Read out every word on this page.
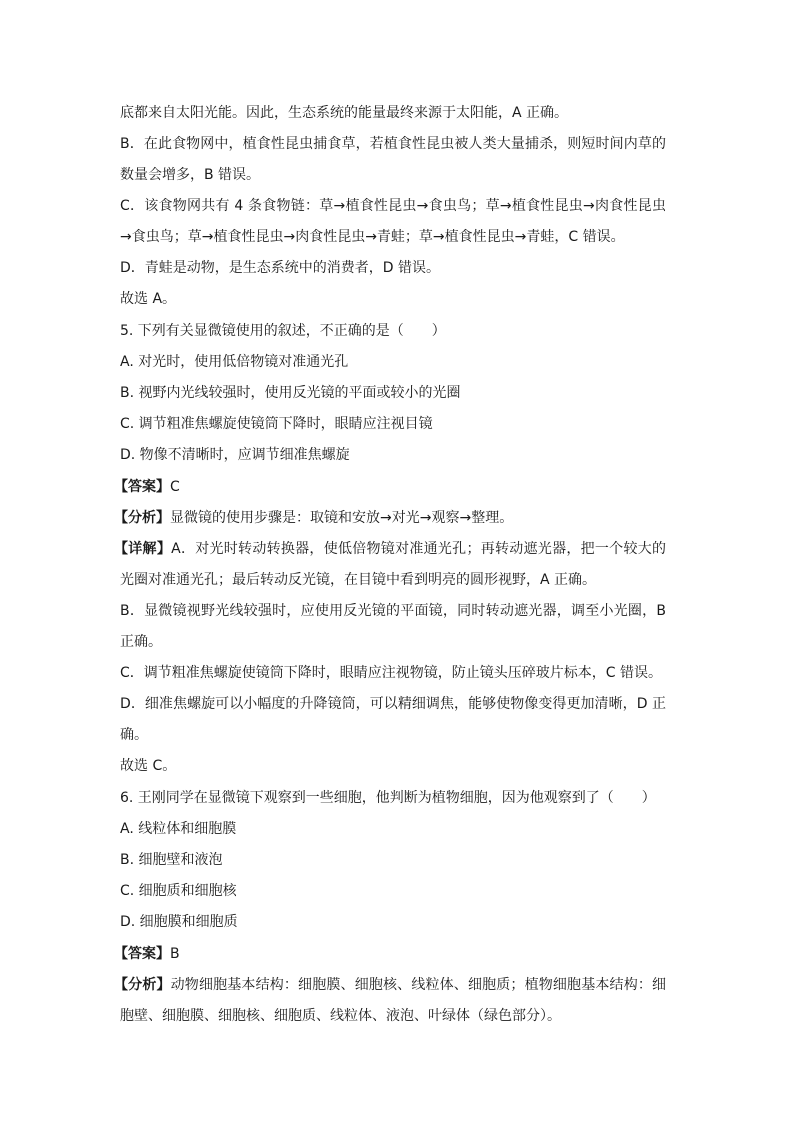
底都来自太阳光能。因此，生态系统的能量最终来源于太阳能，A 正确。
B．在此食物网中，植食性昆虫捕食草，若植食性昆虫被人类大量捕杀，则短时间内草的
数量会增多，B 错误。
C．该食物网共有 4 条食物链：草→植食性昆虫→食虫鸟；草→植食性昆虫→肉食性昆虫
→食虫鸟；草→植食性昆虫→肉食性昆虫→青蛙；草→植食性昆虫→青蛙，C 错误。
D．青蛙是动物，是生态系统中的消费者，D 错误。
故选 A。
5. 下列有关显微镜使用的叙述，不正确的是（　　）
A. 对光时，使用低倍物镜对准通光孔
B. 视野内光线较强时，使用反光镜的平面或较小的光圈
C. 调节粗准焦螺旋使镜筒下降时，眼睛应注视目镜
D. 物像不清晰时，应调节细准焦螺旋
【答案】C
【分析】显微镜的使用步骤是：取镜和安放→对光→观察→整理。
【详解】A．对光时转动转换器，使低倍物镜对准通光孔；再转动遮光器，把一个较大的
光圈对准通光孔；最后转动反光镜，在目镜中看到明亮的圆形视野，A 正确。
B．显微镜视野光线较强时，应使用反光镜的平面镜，同时转动遮光器，调至小光圈，B
正确。
C．调节粗准焦螺旋使镜筒下降时，眼睛应注视物镜，防止镜头压碎玻片标本，C 错误。
D．细准焦螺旋可以小幅度的升降镜筒，可以精细调焦，能够使物像变得更加清晰，D 正
确。
故选 C。
6. 王刚同学在显微镜下观察到一些细胞，他判断为植物细胞，因为他观察到了（　　）
A. 线粒体和细胞膜
B. 细胞壁和液泡
C. 细胞质和细胞核
D. 细胞膜和细胞质
【答案】B
【分析】动物细胞基本结构：细胞膜、细胞核、线粒体、细胞质；植物细胞基本结构：细
胞壁、细胞膜、细胞核、细胞质、线粒体、液泡、叶绿体（绿色部分）。
